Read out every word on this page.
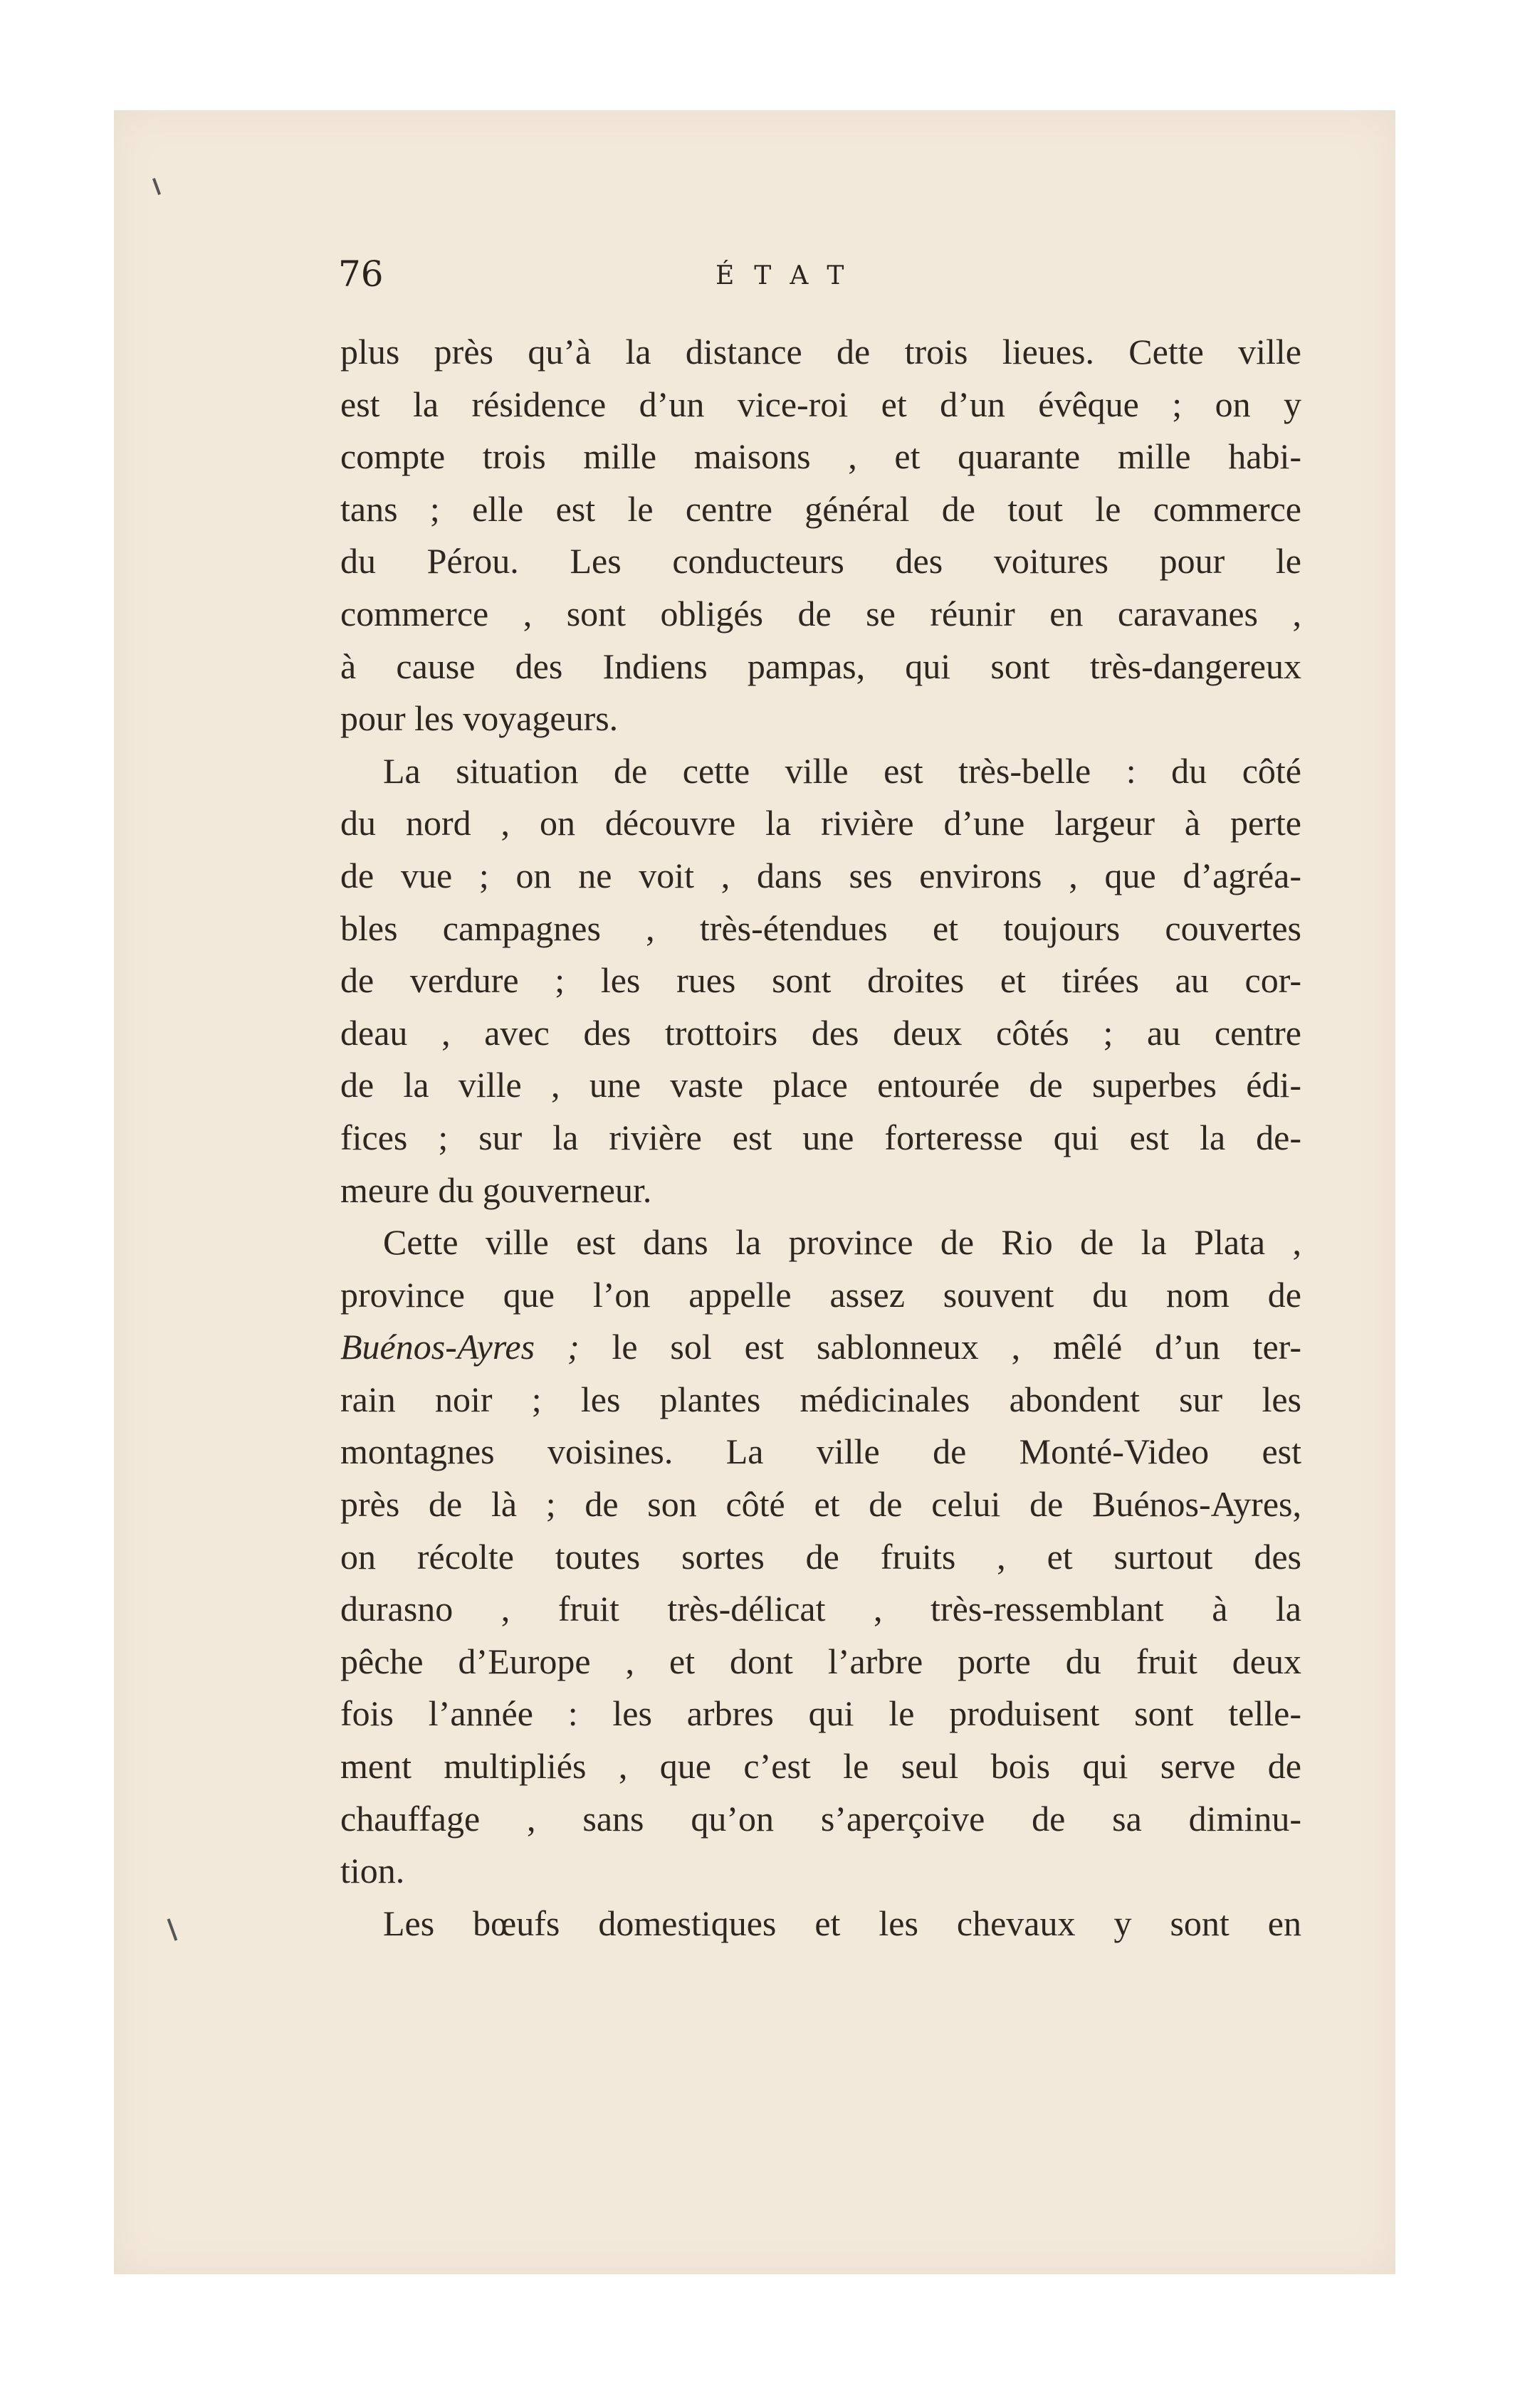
76	ÉTAT
plus près qu’à la distance de trois lieues. Cette ville
est la résidence d’un vice-roi et d’un évêque ; on y
compte trois mille maisons , et quarante mille habi-
tans ; elle est le centre général de tout le commerce
du Pérou. Les conducteurs des voitures pour le
commerce , sont obligés de se réunir en caravanes ,
à cause des Indiens pampas, qui sont très-dangereux
pour les voyageurs.
La situation de cette ville est très-belle : du côté
du nord , on découvre la rivière d’une largeur à perte
de vue ; on ne voit , dans ses environs , que d’agréa-
bles campagnes , très-étendues et toujours couvertes
de verdure ; les rues sont droites et tirées au cor-
deau , avec des trottoirs des deux côtés ; au centre
de la ville , une vaste place entourée de superbes édi-
fices ; sur la rivière est une forteresse qui est la de-
meure du gouverneur.
Cette ville est dans la province de Rio de la Plata ,
province que l’on appelle assez souvent du nom de
Buénos-Ayres ; le sol est sablonneux , mêlé d’un ter-
rain noir ; les plantes médicinales abondent sur les
montagnes voisines. La ville de Monté-Video est
près de là ; de son côté et de celui de Buénos-Ayres,
on récolte toutes sortes de fruits , et surtout des
durasno , fruit très-délicat , très-ressemblant à la
pêche d’Europe , et dont l’arbre porte du fruit deux
fois l’année : les arbres qui le produisent sont telle-
ment multipliés , que c’est le seul bois qui serve de
chauffage , sans qu’on s’aperçoive de sa diminu-
tion.
Les bœufs domestiques et les chevaux y sont en
